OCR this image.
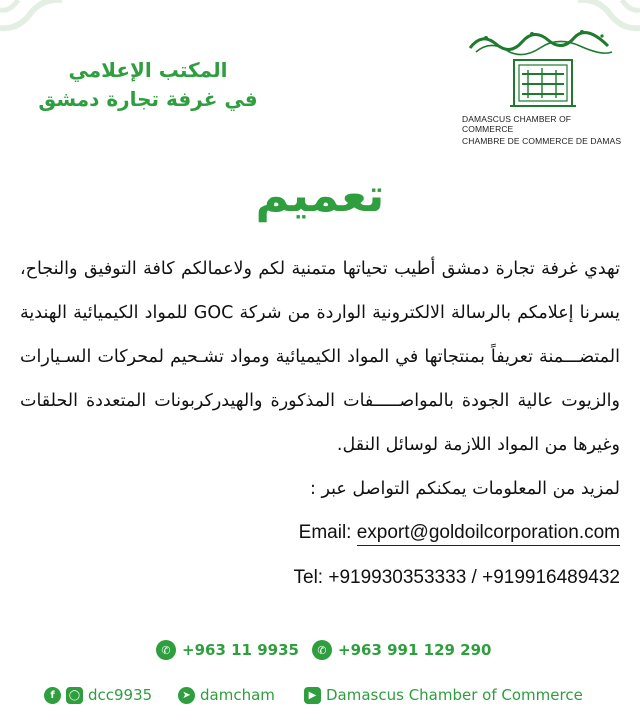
المكتب الإعلامي
في غرفة تجارة دمشق
DAMASCUS CHAMBER OF COMMERCE
CHAMBRE DE COMMERCE DE DAMAS
تعميم
تهدي غرفة تجارة دمشق أطيب تحياتها متمنية لكم ولاعمالكم كافة التوفيق والنجاح،
يسرنا إعلامكم بالرسالة الالكترونية الواردة من شركة GOC للمواد الكيميائية الهندية
المتضـــمنة تعريفاً بمنتجاتها في المواد الكيميائية ومواد تشـحيم لمحركات السـيارات
والزيوت عالية الجودة بالمواصـــــفات المذكورة والهيدركربونات المتعددة الحلقات
وغيرها من المواد اللازمة لوسائل النقل.
لمزيد من المعلومات يمكنكم التواصل عبر :
Email: export@goldoilcorporation.com
Tel: +919930353333 / +919916489432
✆ +963 11 9935	✆ +963 991 129 290
f	◯ dcc9935	➤ damcham	▶ Damascus Chamber of Commerce
